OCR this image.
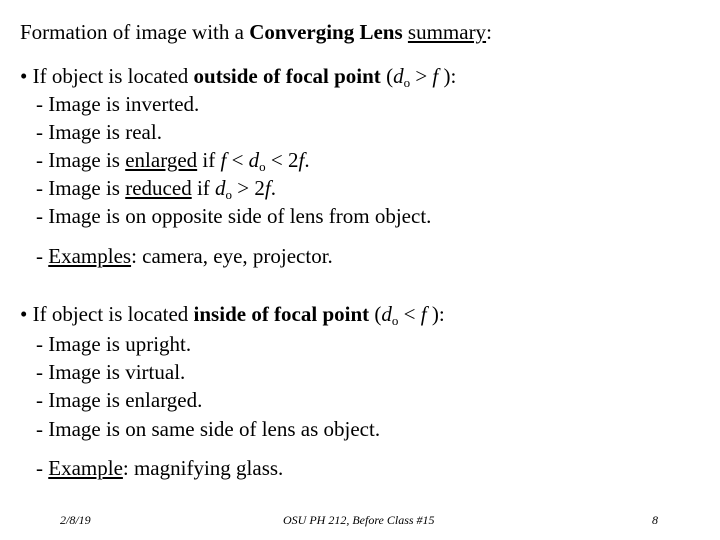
Formation of image with a Converging Lens summary:
• If object is located outside of focal point ($d_o > f$ ):
- Image is inverted.
- Image is real.
- Image is enlarged if $f < d_o < 2f$.
- Image is reduced if $d_o > 2f$.
- Image is on opposite side of lens from object.
- Examples: camera, eye, projector.
• If object is located inside of focal point ($d_o < f$ ):
- Image is upright.
- Image is virtual.
- Image is enlarged.
- Image is on same side of lens as object.
- Example: magnifying glass.
2/8/19	OSU PH 212, Before Class #15	8
